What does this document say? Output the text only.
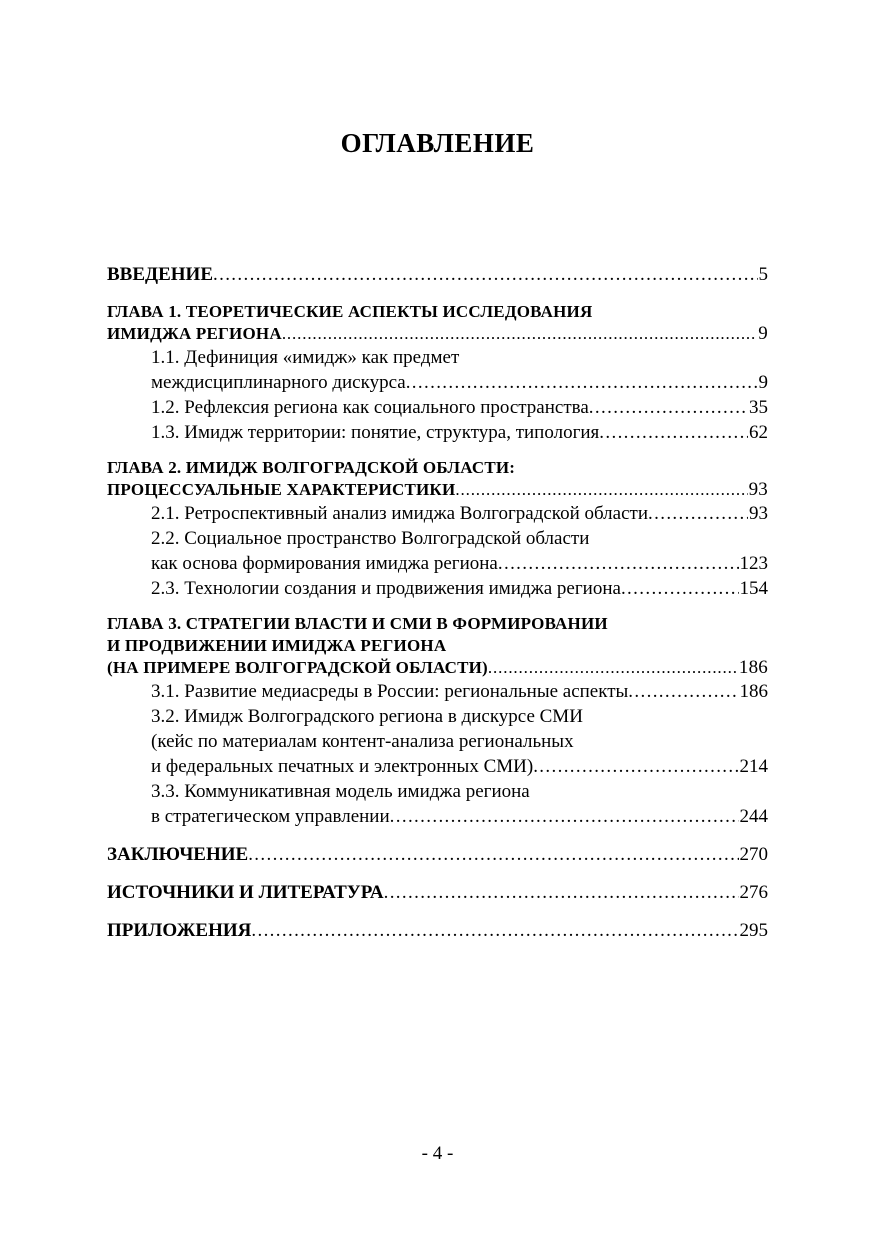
ОГЛАВЛЕНИЕ
ВВЕДЕНИЕ . . .	5
ГЛАВА 1. ТЕОРЕТИЧЕСКИЕ АСПЕКТЫ ИССЛЕДОВАНИЯ
ИМИДЖА РЕГИОНА . . .	9
1.1. Дефиниция «имидж» как предмет
междисциплинарного дискурса . . .	9
1.2. Рефлексия региона как социального пространства . . .	35
1.3. Имидж территории: понятие, структура, типология . . .	62
ГЛАВА 2. ИМИДЖ ВОЛГОГРАДСКОЙ ОБЛАСТИ:
ПРОЦЕССУАЛЬНЫЕ ХАРАКТЕРИСТИКИ . . .	93
2.1. Ретроспективный анализ имиджа Волгоградской области . . .	93
2.2. Социальное пространство Волгоградской области
как основа формирования имиджа региона . . .	123
2.3. Технологии создания и продвижения имиджа региона . . .	154
ГЛАВА 3. СТРАТЕГИИ ВЛАСТИ И СМИ В ФОРМИРОВАНИИ
И ПРОДВИЖЕНИИ ИМИДЖА РЕГИОНА
(НА ПРИМЕРЕ ВОЛГОГРАДСКОЙ ОБЛАСТИ) . . .	186
3.1. Развитие медиасреды в России: региональные аспекты . . .	186
3.2. Имидж Волгоградского региона в дискурсе СМИ
(кейс по материалам контент-анализа региональных
и федеральных печатных и электронных СМИ) . . .	214
3.3. Коммуникативная модель имиджа региона
в стратегическом управлении . . .	244
ЗАКЛЮЧЕНИЕ . . .	270
ИСТОЧНИКИ И ЛИТЕРАТУРА . . .	276
ПРИЛОЖЕНИЯ . . .	295
- 4 -
